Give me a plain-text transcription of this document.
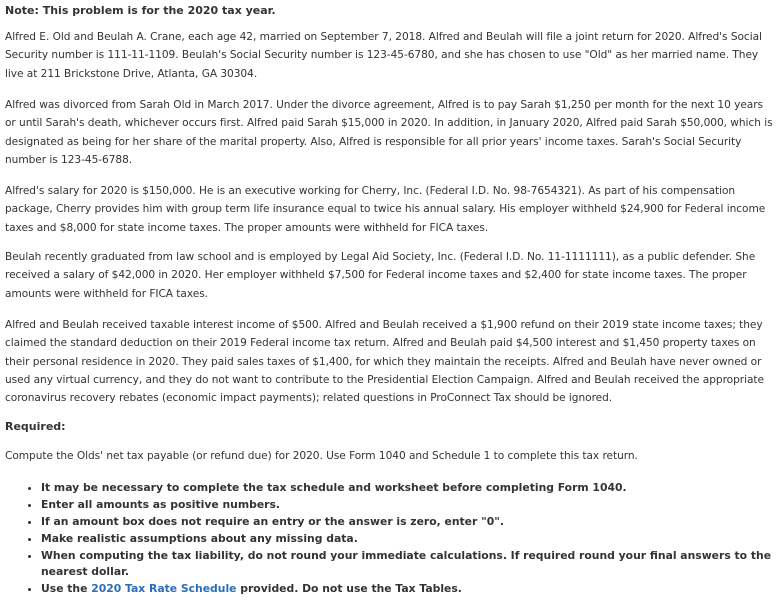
Note: This problem is for the 2020 tax year.

Alfred E. Old and Beulah A. Crane, each age 42, married on September 7, 2018. Alfred and Beulah will file a joint return for 2020. Alfred's Social Security number is 111-11-1109. Beulah's Social Security number is 123-45-6780, and she has chosen to use "Old" as her married name. They live at 211 Brickstone Drive, Atlanta, GA 30304.

Alfred was divorced from Sarah Old in March 2017. Under the divorce agreement, Alfred is to pay Sarah $1,250 per month for the next 10 years or until Sarah's death, whichever occurs first. Alfred paid Sarah $15,000 in 2020. In addition, in January 2020, Alfred paid Sarah $50,000, which is designated as being for her share of the marital property. Also, Alfred is responsible for all prior years' income taxes. Sarah's Social Security number is 123-45-6788.

Alfred's salary for 2020 is $150,000. He is an executive working for Cherry, Inc. (Federal I.D. No. 98-7654321). As part of his compensation package, Cherry provides him with group term life insurance equal to twice his annual salary. His employer withheld $24,900 for Federal income taxes and $8,000 for state income taxes. The proper amounts were withheld for FICA taxes.

Beulah recently graduated from law school and is employed by Legal Aid Society, Inc. (Federal I.D. No. 11-1111111), as a public defender. She received a salary of $42,000 in 2020. Her employer withheld $7,500 for Federal income taxes and $2,400 for state income taxes. The proper amounts were withheld for FICA taxes.

Alfred and Beulah received taxable interest income of $500. Alfred and Beulah received a $1,900 refund on their 2019 state income taxes; they claimed the standard deduction on their 2019 Federal income tax return. Alfred and Beulah paid $4,500 interest and $1,450 property taxes on their personal residence in 2020. They paid sales taxes of $1,400, for which they maintain the receipts. Alfred and Beulah have never owned or used any virtual currency, and they do not want to contribute to the Presidential Election Campaign. Alfred and Beulah received the appropriate coronavirus recovery rebates (economic impact payments); related questions in ProConnect Tax should be ignored.

Required:

Compute the Olds' net tax payable (or refund due) for 2020. Use Form 1040 and Schedule 1 to complete this tax return.

• It may be necessary to complete the tax schedule and worksheet before completing Form 1040.
• Enter all amounts as positive numbers.
• If an amount box does not require an entry or the answer is zero, enter "0".
• Make realistic assumptions about any missing data.
• When computing the tax liability, do not round your immediate calculations. If required round your final answers to the nearest dollar.
• Use the 2020 Tax Rate Schedule provided. Do not use the Tax Tables.
